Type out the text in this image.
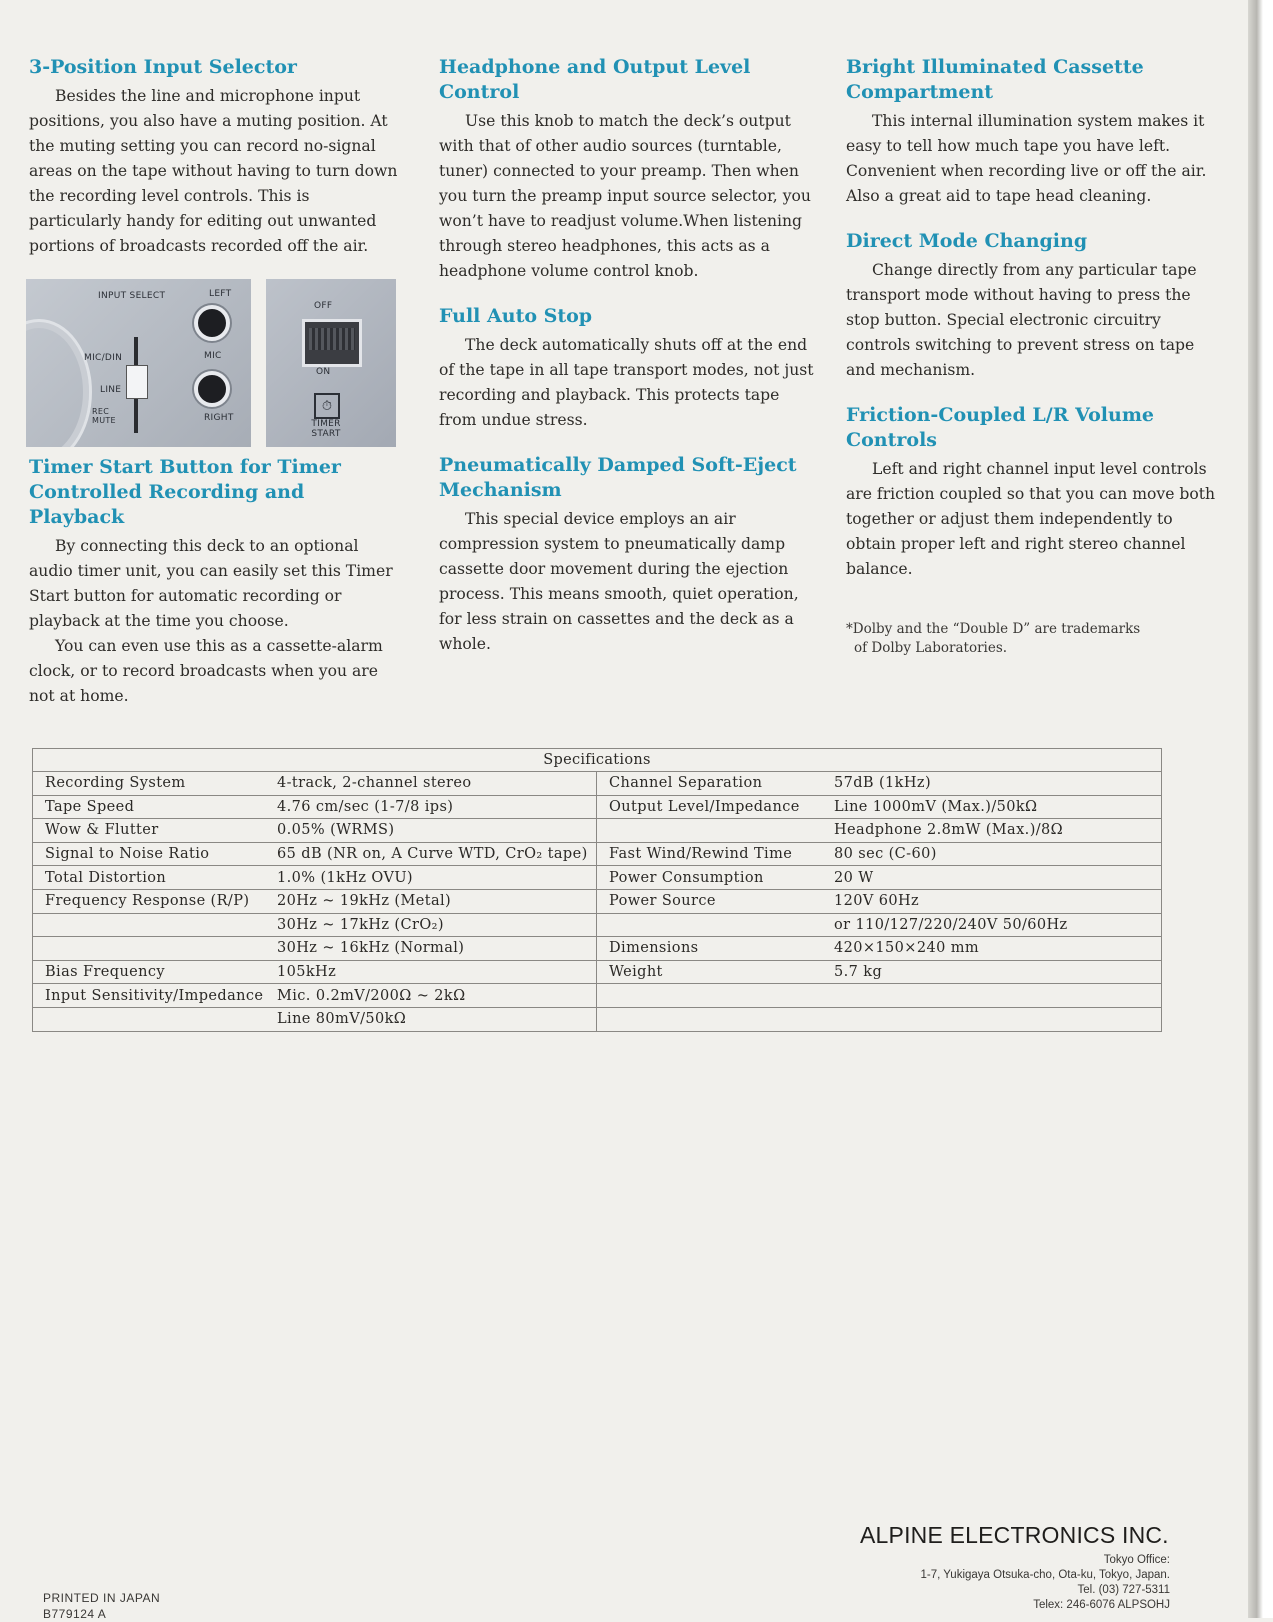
3-Position Input Selector

Besides the line and microphone input positions, you also have a muting position. At the muting setting you can record no-signal areas on the tape without having to turn down the recording level controls. This is particularly handy for editing out unwanted portions of broadcasts recorded off the air.

INPUT SELECT	LEFT
MIC/DIN	MIC
LINE
REC MUTE	RIGHT
OFF
ON
⏱
TIMER START
Timer Start Button for Timer Controlled Recording and Playback

By connecting this deck to an optional audio timer unit, you can easily set this Timer Start button for automatic recording or playback at the time you choose.

You can even use this as a cassette-alarm clock, or to record broadcasts when you are not at home.

Headphone and Output Level Control

Use this knob to match the deck’s output with that of other audio sources (turntable, tuner) connected to your preamp. Then when you turn the preamp input source selector, you won’t have to readjust volume.When listening through stereo headphones, this acts as a headphone volume control knob.

Full Auto Stop

The deck automatically shuts off at the end of the tape in all tape transport modes, not just recording and playback. This protects tape from undue stress.

Pneumatically Damped Soft-Eject Mechanism

This special device employs an air compression system to pneumatically damp cassette door movement during the ejection process. This means smooth, quiet operation, for less strain on cassettes and the deck as a whole.

Bright Illuminated Cassette Compartment

This internal illumination system makes it easy to tell how much tape you have left. Convenient when recording live or off the air. Also a great aid to tape head cleaning.

Direct Mode Changing

Change directly from any particular tape transport mode without having to press the stop button. Special electronic circuitry controls switching to prevent stress on tape and mechanism.

Friction-Coupled L/R Volume Controls

Left and right channel input level controls are friction coupled so that you can move both together or adjust them independently to obtain proper left and right stereo channel balance.

*Dolby and the “Double D” are trademarks
of Dolby Laboratories.
Specifications			
Recording System	4-track, 2-channel stereo	Channel Separation	57dB (1kHz)
Tape Speed	4.76 cm/sec (1-7/8 ips)	Output Level/Impedance	Line 1000mV (Max.)/50kΩ
Wow & Flutter	0.05% (WRMS)		Headphone 2.8mW (Max.)/8Ω
Signal to Noise Ratio	65 dB (NR on, A Curve WTD, CrO₂ tape)	Fast Wind/Rewind Time	80 sec (C-60)
Total Distortion	1.0% (1kHz OVU)	Power Consumption	20 W
Frequency Response (R/P)	20Hz ~ 19kHz (Metal)	Power Source	120V 60Hz
	30Hz ~ 17kHz (CrO₂)		or 110/127/220/240V 50/60Hz
	30Hz ~ 16kHz (Normal)	Dimensions	420×150×240 mm
Bias Frequency	105kHz	Weight	5.7 kg
Input Sensitivity/Impedance	Mic. 0.2mV/200Ω ~ 2kΩ		
	Line 80mV/50kΩ		
ALPINE ELECTRONICS INC.
Tokyo Office:
1-7, Yukigaya Otsuka-cho, Ota-ku, Tokyo, Japan.
Tel. (03) 727-5311
Telex: 246-6076 ALPSOHJ
PRINTED IN JAPAN
B779124 A
